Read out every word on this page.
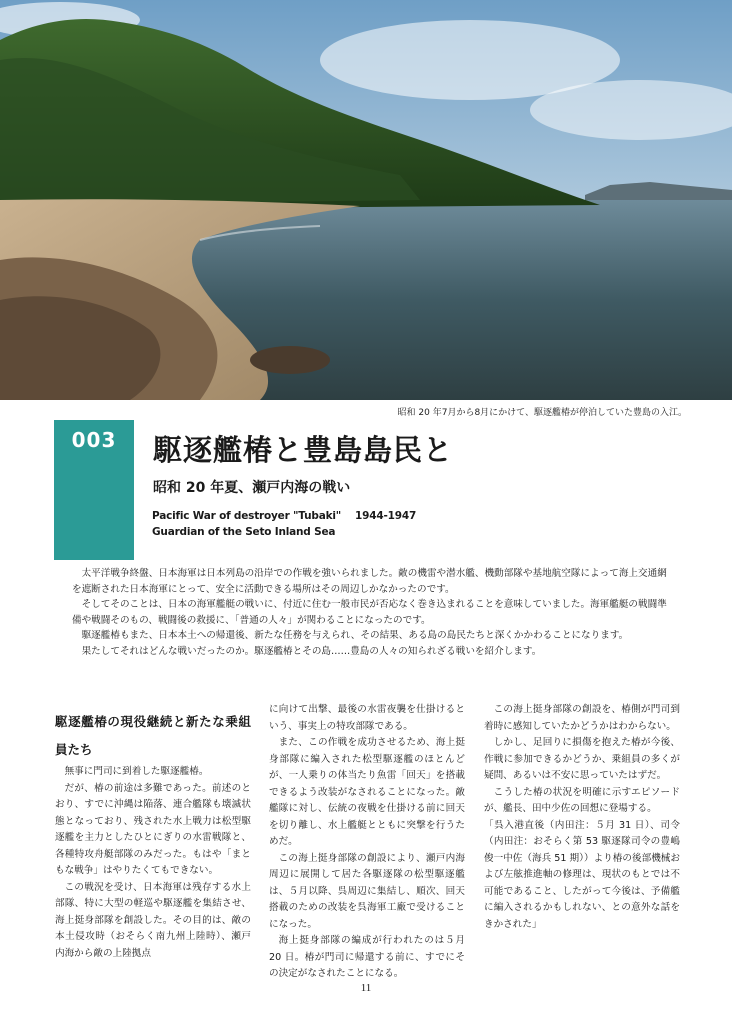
昭和 20 年7月から8月にかけて、駆逐艦椿が停泊していた豊島の入江。
003	駆逐艦椿と豊島島民と
昭和 20 年夏、瀬戸内海の戦い
Pacific War of destroyer "Tubaki" 1944-1947
Guardian of the Seto Inland Sea

太平洋戦争終盤、日本海軍は日本列島の沿岸での作戦を強いられました。敵の機雷や潜水艦、機動部隊や基地航空隊によって海上交通網を遮断された日本海軍にとって、安全に活動できる場所はその周辺しかなかったのです。

そしてそのことは、日本の海軍艦艇の戦いに、付近に住む一般市民が否応なく巻き込まれることを意味していました。海軍艦艇の戦闘準備や戦闘そのもの、戦闘後の救援に、「普通の人々」が関わることになったのです。

駆逐艦椿もまた、日本本土への帰還後、新たな任務を与えられ、その結果、ある島の島民たちと深くかかわることになります。

果たしてそれはどんな戦いだったのか。駆逐艦椿とその島……豊島の人々の知られざる戦いを紹介します。

駆逐艦椿の現役継続と新たな乗組員たち

無事に門司に到着した駆逐艦椿。

だが、椿の前途は多難であった。前述のとおり、すでに沖縄は陥落、連合艦隊も壊滅状態となっており、残された水上戦力は松型駆逐艦を主力としたひとにぎりの水雷戦隊と、各種特攻舟艇部隊のみだった。もはや「まともな戦争」はやりたくてもできない。

この戦況を受け、日本海軍は残存する水上部隊、特に大型の軽巡や駆逐艦を集結させ、海上挺身部隊を創設した。その目的は、敵の本土侵攻時（おそらく南九州上陸時）、瀬戸内海から敵の上陸拠点

に向けて出撃、最後の水雷夜襲を仕掛けるという、事実上の特攻部隊である。

また、この作戦を成功させるため、海上挺身部隊に編入された松型駆逐艦のほとんどが、一人乗りの体当たり魚雷「回天」を搭載できるよう改装がなされることになった。敵艦隊に対し、伝統の夜戦を仕掛ける前に回天を切り離し、水上艦艇とともに突撃を行うためだ。

この海上挺身部隊の創設により、瀬戸内海周辺に展開して居た各駆逐隊の松型駆逐艦は、５月以降、呉周辺に集結し、順次、回天搭載のための改装を呉海軍工廠で受けることになった。

海上挺身部隊の編成が行われたのは５月 20 日。椿が門司に帰還する前に、すでにその決定がなされたことになる。

この海上挺身部隊の創設を、椿側が門司到着時に感知していたかどうかはわからない。

しかし、足回りに損傷を抱えた椿が今後、作戦に参加できるかどうか、乗組員の多くが疑問、あるいは不安に思っていたはずだ。

こうした椿の状況を明確に示すエピソードが、艦長、田中少佐の回想に登場する。

「呉入港直後（内田注：５月 31 日）、司令（内田注：おそらく第 53 駆逐隊司令の豊嶋俊一中佐（海兵 51 期））より椿の後部機械および左舷推進軸の修理は、現状のもとでは不可能であること、したがって今後は、予備艦に編入されるかもしれない、との意外な話をきかされた」

11
